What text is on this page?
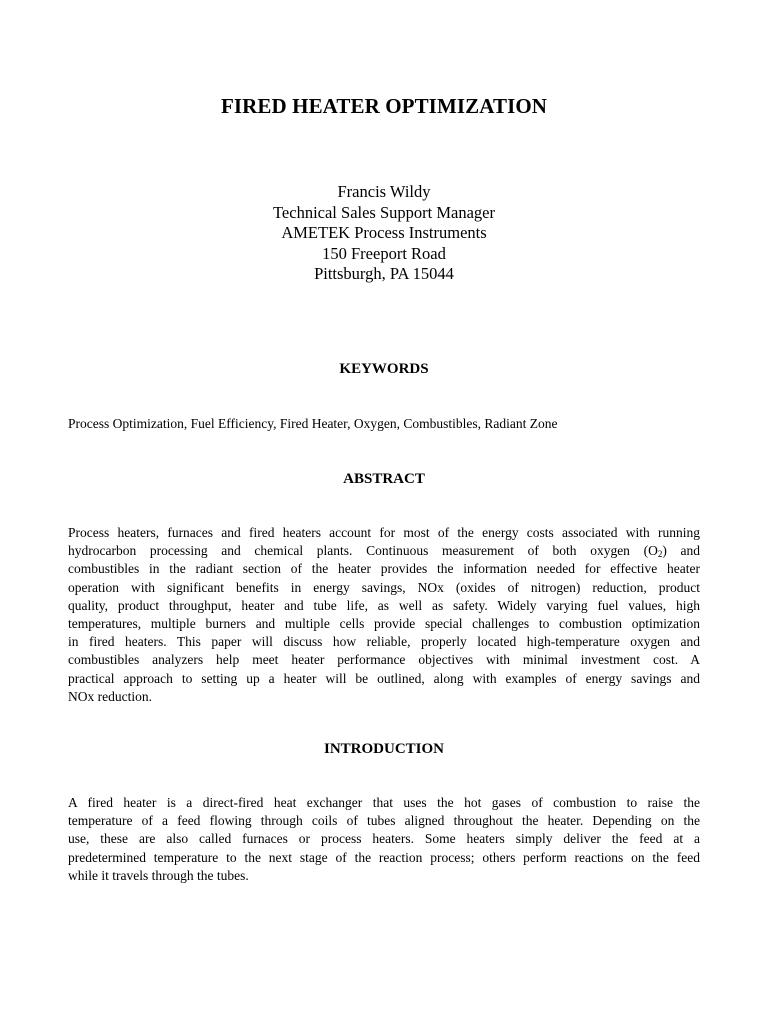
FIRED HEATER OPTIMIZATION
Francis Wildy
Technical Sales Support Manager
AMETEK Process Instruments
150 Freeport Road
Pittsburgh, PA 15044
KEYWORDS
Process Optimization, Fuel Efficiency, Fired Heater, Oxygen, Combustibles, Radiant Zone
ABSTRACT
Process heaters, furnaces and fired heaters account for most of the energy costs associated with running
hydrocarbon processing and chemical plants. Continuous measurement of both oxygen $(O_2)$ and
combustibles in the radiant section of the heater provides the information needed for effective heater
operation with significant benefits in energy savings, NOx (oxides of nitrogen) reduction, product
quality, product throughput, heater and tube life, as well as safety. Widely varying fuel values, high
temperatures, multiple burners and multiple cells provide special challenges to combustion optimization
in fired heaters. This paper will discuss how reliable, properly located high-temperature oxygen and
combustibles analyzers help meet heater performance objectives with minimal investment cost. A
practical approach to setting up a heater will be outlined, along with examples of energy savings and
NOx reduction.
INTRODUCTION
A fired heater is a direct-fired heat exchanger that uses the hot gases of combustion to raise the
temperature of a feed flowing through coils of tubes aligned throughout the heater. Depending on the
use, these are also called furnaces or process heaters. Some heaters simply deliver the feed at a
predetermined temperature to the next stage of the reaction process; others perform reactions on the feed
while it travels through the tubes.
